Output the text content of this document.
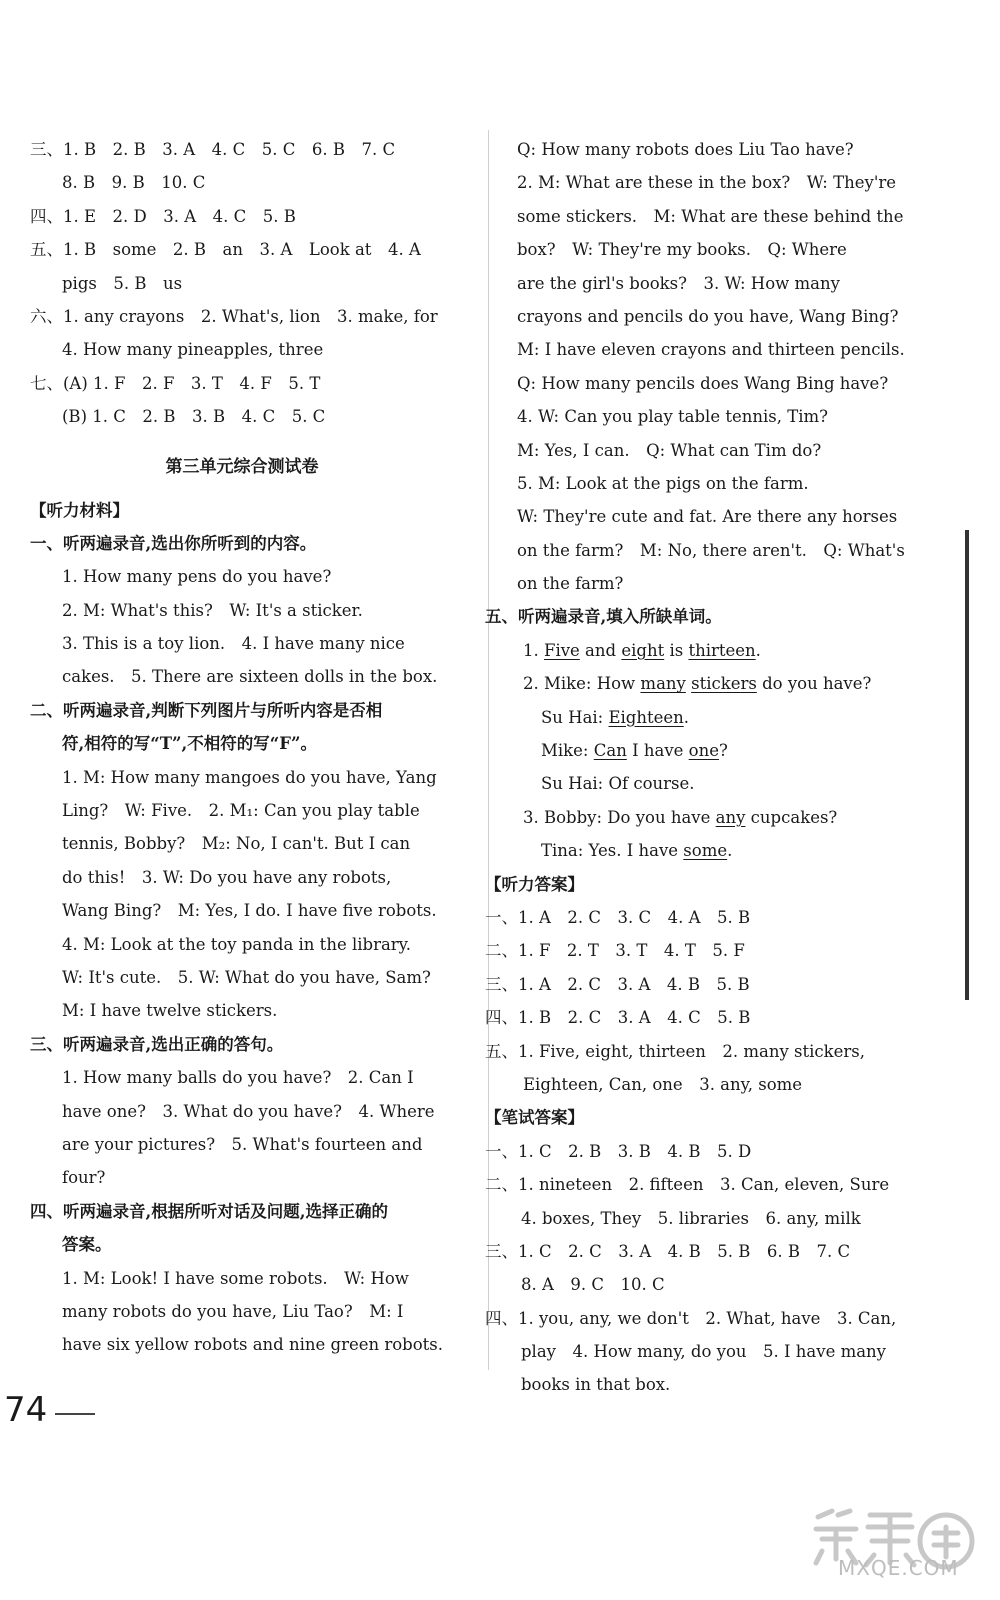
三、1. B　2. B　3. A　4. C　5. C　6. B　7. C
8. B　9. B　10. C
四、1. E　2. D　3. A　4. C　5. B
五、1. B　some　2. B　an　3. A　Look at　4. A
pigs　5. B　us
六、1. any crayons　2. What's, lion　3. make, for
4. How many pineapples, three
七、(A) 1. F　2. F　3. T　4. F　5. T
(B) 1. C　2. B　3. B　4. C　5. C
第三单元综合测试卷
【听力材料】
一、听两遍录音,选出你所听到的内容。
1. How many pens do you have?
2. M: What's this?　W: It's a sticker.
3. This is a toy lion.　4. I have many nice
cakes.　5. There are sixteen dolls in the box.
二、听两遍录音,判断下列图片与所听内容是否相
符,相符的写“T”,不相符的写“F”。
1. M: How many mangoes do you have, Yang
Ling?　W: Five.　2. M₁: Can you play table
tennis, Bobby?　M₂: No, I can't. But I can
do this!　3. W: Do you have any robots,
Wang Bing?　M: Yes, I do. I have five robots.
4. M: Look at the toy panda in the library.
W: It's cute.　5. W: What do you have, Sam?
M: I have twelve stickers.
三、听两遍录音,选出正确的答句。
1. How many balls do you have?　2. Can I
have one?　3. What do you have?　4. Where
are your pictures?　5. What's fourteen and
four?
四、听两遍录音,根据所听对话及问题,选择正确的
答案。
1. M: Look! I have some robots.　W: How
many robots do you have, Liu Tao?　M: I
have six yellow robots and nine green robots.
Q: How many robots does Liu Tao have?
2. M: What are these in the box?　W: They're
some stickers.　M: What are these behind the
box?　W: They're my books.　Q: Where
are the girl's books?　3. W: How many
crayons and pencils do you have, Wang Bing?
M: I have eleven crayons and thirteen pencils.
Q: How many pencils does Wang Bing have?
4. W: Can you play table tennis, Tim?
M: Yes, I can.　Q: What can Tim do?
5. M: Look at the pigs on the farm.
W: They're cute and fat. Are there any horses
on the farm?　M: No, there aren't.　Q: What's
on the farm?
五、听两遍录音,填入所缺单词。
1. Five and eight is thirteen.
2. Mike: How many stickers do you have?
Su Hai: Eighteen.
Mike: Can I have one?
Su Hai: Of course.
3. Bobby: Do you have any cupcakes?
Tina: Yes. I have some.
【听力答案】
一、1. A　2. C　3. C　4. A　5. B
二、1. F　2. T　3. T　4. T　5. F
三、1. A　2. C　3. A　4. B　5. B
四、1. B　2. C　3. A　4. C　5. B
五、1. Five, eight, thirteen　2. many stickers,
Eighteen, Can, one　3. any, some
【笔试答案】
一、1. C　2. B　3. B　4. B　5. D
二、1. nineteen　2. fifteen　3. Can, eleven, Sure
4. boxes, They　5. libraries　6. any, milk
三、1. C　2. C　3. A　4. B　5. B　6. B　7. C
8. A　9. C　10. C
四、1. you, any, we don't　2. What, have　3. Can,
play　4. How many, do you　5. I have many
books in that box.
74
MXQE.COM
